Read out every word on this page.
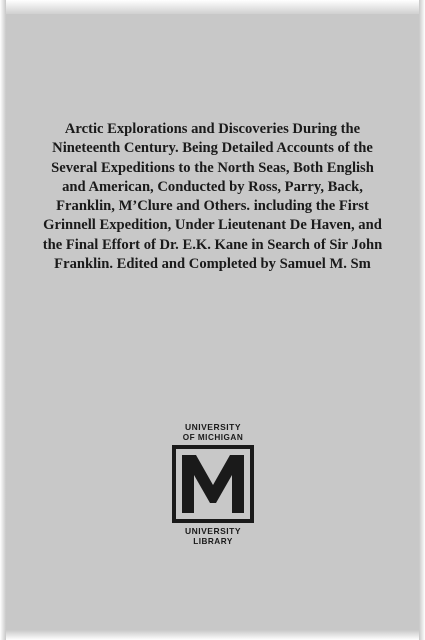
Arctic Explorations and Discoveries During the Nineteenth Century. Being Detailed Accounts of the Several Expeditions to the North Seas, Both English and American, Conducted by Ross, Parry, Back, Franklin, M’Clure and Others. including the First Grinnell Expedition, Under Lieutenant De Haven, and the Final Effort of Dr. E.K. Kane in Search of Sir John Franklin. Edited and Completed by Samuel M. Sm

UNIVERSITY
OF MICHIGAN
UNIVERSITY
LIBRARY
